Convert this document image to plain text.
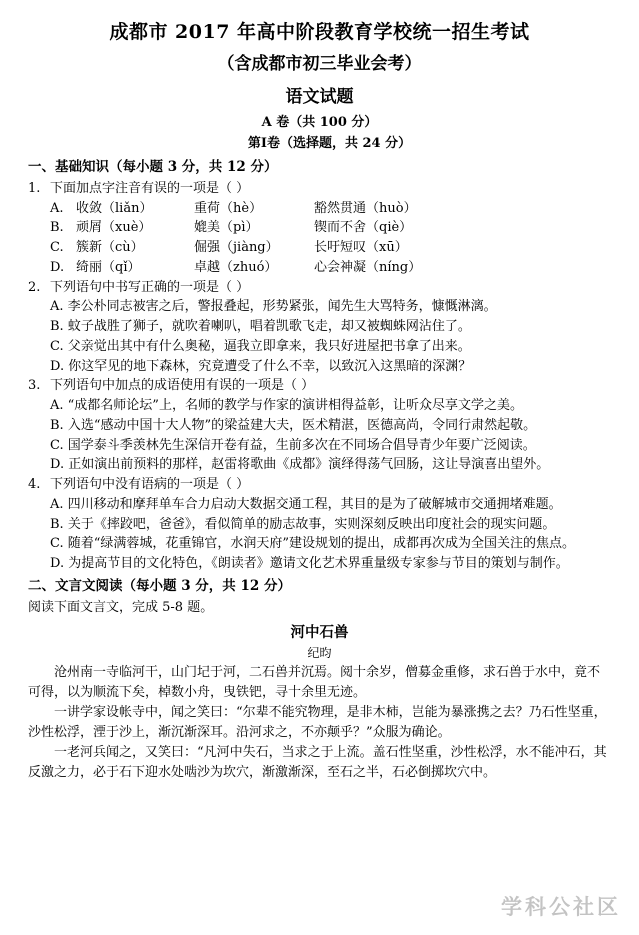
成都市 2017 年高中阶段教育学校统一招生考试
（含成都市初三毕业会考）
语文试题
A 卷（共 100 分）
第Ⅰ卷（选择题，共 24 分）
一、基础知识（每小题 3 分，共 12 分）
1. 下面加点字注音有误的一项是（ ）
A. 收敛（liǎn）	重荷（hè）	豁然贯通（huò）
B. 顽屑（xuè）	媲美（pì）	锲而不舍（qiè）
C. 簇新（cù）	倔强（jiàng）	长吁短叹（xū）
D. 绮丽（qǐ）	卓越（zhuó）	心会神凝（níng）
2. 下列语句中书写正确的一项是（ ）
A. 李公朴同志被害之后，警报叠起，形势紧张，闻先生大骂特务，慷慨淋漓。
B. 蚊子战胜了狮子，就吹着喇叭，唱着凯歌飞走，却又被蜘蛛网沾住了。
C. 父亲觉出其中有什么奥秘，逼我立即拿来，我只好进屋把书拿了出来。
D. 你这罕见的地下森林，究竟遭受了什么不幸，以致沉入这黑暗的深渊？
3. 下列语句中加点的成语使用有误的一项是（ ）
A. “成都名师论坛”上，名师的教学与作家的演讲相得益彰，让听众尽享文学之美。
B. 入选“感动中国十大人物”的梁益建大夫，医术精湛，医德高尚，令同行肃然起敬。
C. 国学泰斗季羡林先生深信开卷有益，生前多次在不同场合倡导青少年要广泛阅读。
D. 正如演出前预料的那样，赵雷将歌曲《成都》演绎得荡气回肠，这让导演喜出望外。
4. 下列语句中没有语病的一项是（ ）
A. 四川移动和摩拜单车合力启动大数据交通工程，其目的是为了破解城市交通拥堵难题。
B. 关于《摔跤吧，爸爸》，看似简单的励志故事，实则深刻反映出印度社会的现实问题。
C. 随着“绿满蓉城，花重锦官，水润天府”建设规划的提出，成都再次成为全国关注的焦点。
D. 为提高节目的文化特色，《朗读者》邀请文化艺术界重量级专家参与节目的策划与制作。
二、文言文阅读（每小题 3 分，共 12 分）
阅读下面文言文，完成 5-8 题。
河中石兽
纪昀
沧州南一寺临河干，山门圮于河，二石兽并沉焉。阅十余岁，僧募金重修，求石兽于水中，竟不可得，以为顺流下矣，棹数小舟，曳铁钯，寻十余里无迹。
一讲学家设帐寺中，闻之笑曰：“尔辈不能究物理，是非木柿，岂能为暴涨携之去？乃石性坚重，沙性松浮，湮于沙上，渐沉渐深耳。沿河求之，不亦颠乎？”众服为确论。
一老河兵闻之，又笑曰：“凡河中失石，当求之于上流。盖石性坚重，沙性松浮，水不能冲石，其反激之力，必于石下迎水处啮沙为坎穴，渐激渐深，至石之半，石必倒掷坎穴中。
学科公社区
